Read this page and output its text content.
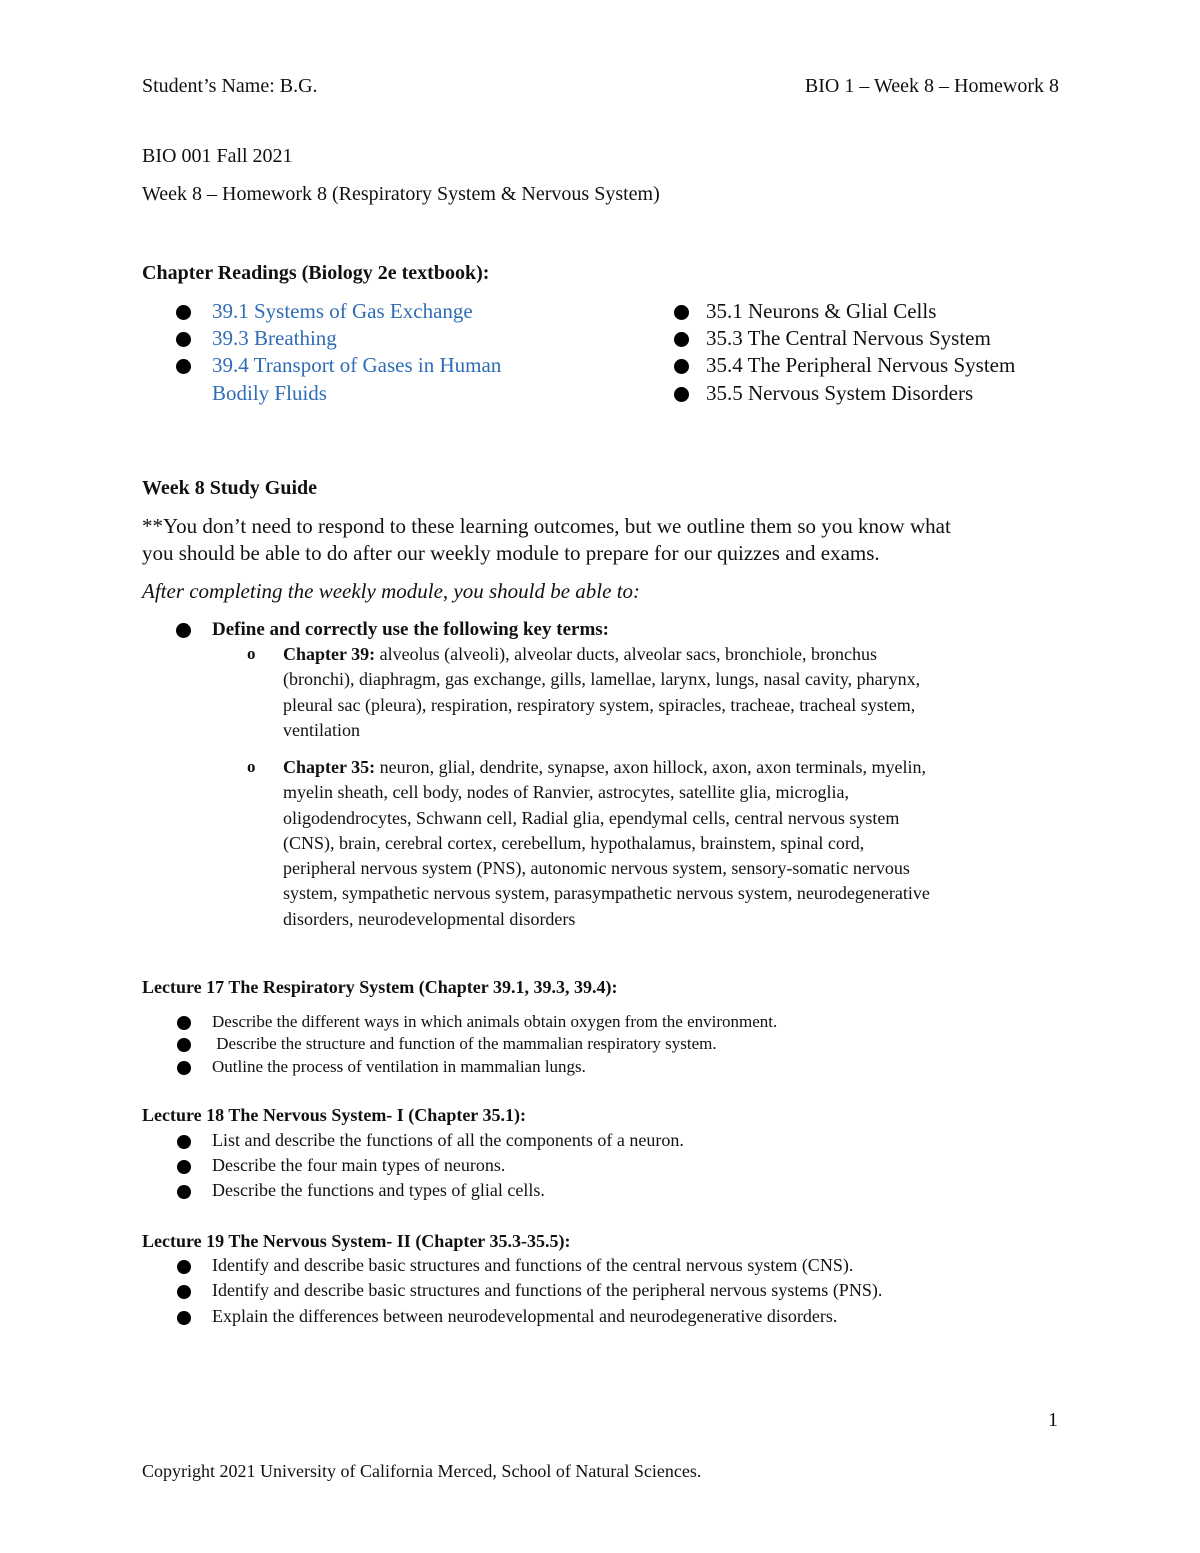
Student’s Name: B.G.	BIO 1 – Week 8 – Homework 8
BIO 001 Fall 2021
Week 8 – Homework 8 (Respiratory System & Nervous System)
Chapter Readings (Biology 2e textbook):
39.1 Systems of Gas Exchange
39.3 Breathing
39.4 Transport of Gases in Human
Bodily Fluids
35.1 Neurons & Glial Cells
35.3 The Central Nervous System
35.4 The Peripheral Nervous System
35.5 Nervous System Disorders
Week 8 Study Guide
**You don’t need to respond to these learning outcomes, but we outline them so you know what
you should be able to do after our weekly module to prepare for our quizzes and exams.
After completing the weekly module, you should be able to:
Define and correctly use the following key terms:
o Chapter 39: alveolus (alveoli), alveolar ducts, alveolar sacs, bronchiole, bronchus
(bronchi), diaphragm, gas exchange, gills, lamellae, larynx, lungs, nasal cavity, pharynx,
pleural sac (pleura), respiration, respiratory system, spiracles, tracheae, tracheal system,
ventilation
o Chapter 35: neuron, glial, dendrite, synapse, axon hillock, axon, axon terminals, myelin,
myelin sheath, cell body, nodes of Ranvier, astrocytes, satellite glia, microglia,
oligodendrocytes, Schwann cell, Radial glia, ependymal cells, central nervous system
(CNS), brain, cerebral cortex, cerebellum, hypothalamus, brainstem, spinal cord,
peripheral nervous system (PNS), autonomic nervous system, sensory-somatic nervous
system, sympathetic nervous system, parasympathetic nervous system, neurodegenerative
disorders, neurodevelopmental disorders
Lecture 17 The Respiratory System (Chapter 39.1, 39.3, 39.4):
Describe the different ways in which animals obtain oxygen from the environment.
Describe the structure and function of the mammalian respiratory system.
Outline the process of ventilation in mammalian lungs.
Lecture 18 The Nervous System- I (Chapter 35.1):
List and describe the functions of all the components of a neuron.
Describe the four main types of neurons.
Describe the functions and types of glial cells.
Lecture 19 The Nervous System- II (Chapter 35.3-35.5):
Identify and describe basic structures and functions of the central nervous system (CNS).
Identify and describe basic structures and functions of the peripheral nervous systems (PNS).
Explain the differences between neurodevelopmental and neurodegenerative disorders.
1
Copyright 2021 University of California Merced, School of Natural Sciences.
